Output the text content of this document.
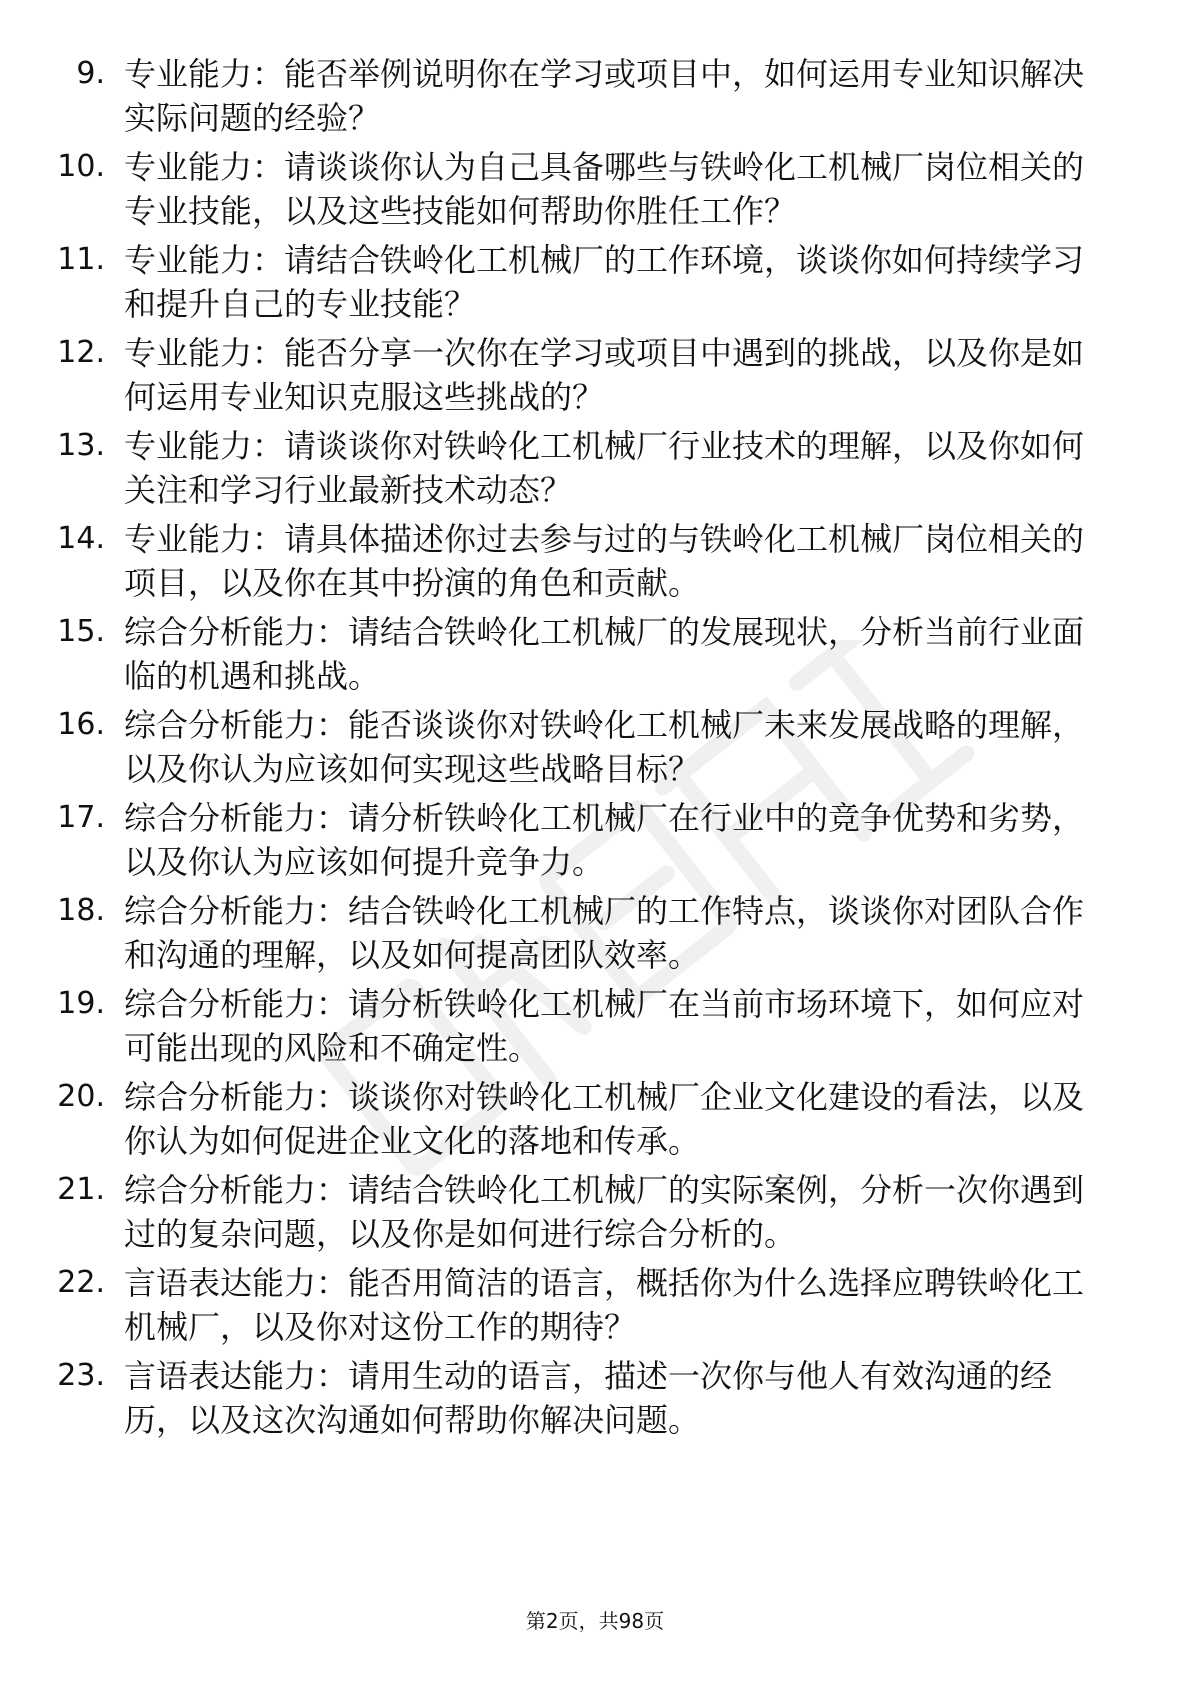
9. 专业能力：能否举例说明你在学习或项目中，如何运用专业知识解决实际问题的经验？

10. 专业能力：请谈谈你认为自己具备哪些与铁岭化工机械厂岗位相关的专业技能，以及这些技能如何帮助你胜任工作？

11. 专业能力：请结合铁岭化工机械厂的工作环境，谈谈你如何持续学习和提升自己的专业技能？

12. 专业能力：能否分享一次你在学习或项目中遇到的挑战，以及你是如何运用专业知识克服这些挑战的？

13. 专业能力：请谈谈你对铁岭化工机械厂行业技术的理解，以及你如何关注和学习行业最新技术动态？

14. 专业能力：请具体描述你过去参与过的与铁岭化工机械厂岗位相关的项目，以及你在其中扮演的角色和贡献。

15. 综合分析能力：请结合铁岭化工机械厂的发展现状，分析当前行业面临的机遇和挑战。

16. 综合分析能力：能否谈谈你对铁岭化工机械厂未来发展战略的理解，以及你认为应该如何实现这些战略目标？

17. 综合分析能力：请分析铁岭化工机械厂在行业中的竞争优势和劣势，以及你认为应该如何提升竞争力。

18. 综合分析能力：结合铁岭化工机械厂的工作特点，谈谈你对团队合作和沟通的理解，以及如何提高团队效率。

19. 综合分析能力：请分析铁岭化工机械厂在当前市场环境下，如何应对可能出现的风险和不确定性。

20. 综合分析能力：谈谈你对铁岭化工机械厂企业文化建设的看法，以及你认为如何促进企业文化的落地和传承。

21. 综合分析能力：请结合铁岭化工机械厂的实际案例，分析一次你遇到过的复杂问题，以及你是如何进行综合分析的。

22. 言语表达能力：能否用简洁的语言，概括你为什么选择应聘铁岭化工机械厂，以及你对这份工作的期待？

23. 言语表达能力：请用生动的语言，描述一次你与他人有效沟通的经历，以及这次沟通如何帮助你解决问题。

第2页，共98页
